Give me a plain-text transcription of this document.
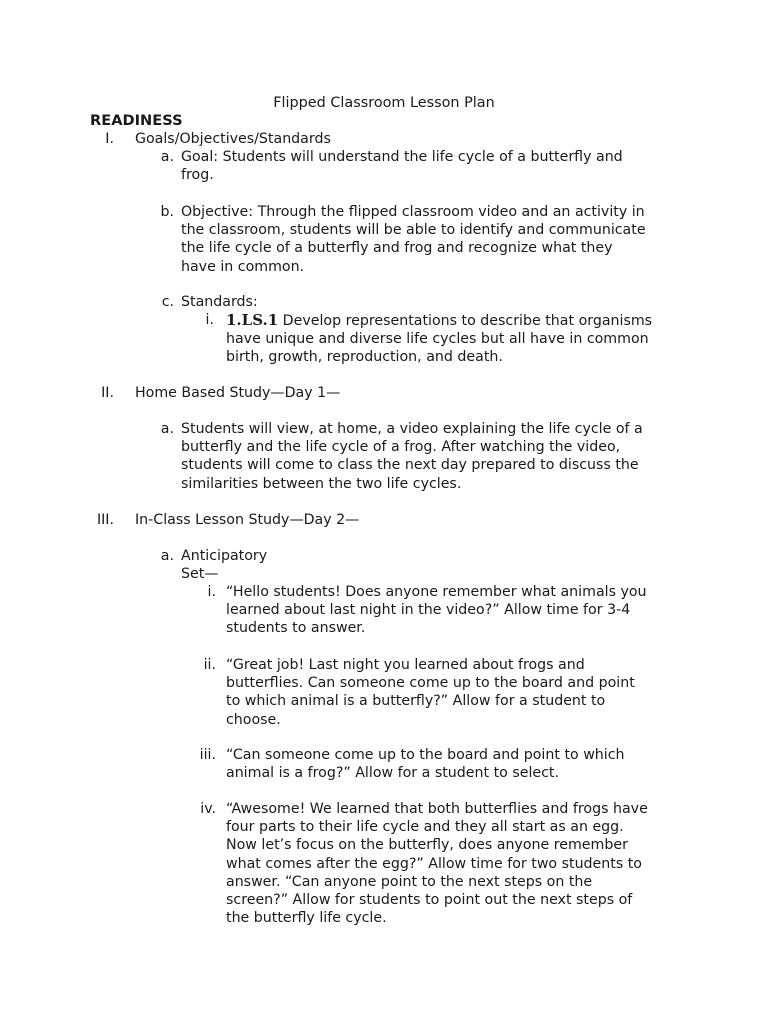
Flipped Classroom Lesson Plan
READINESS
I. Goals/Objectives/Standards
a. Goal: Students will understand the life cycle of a butterfly and
frog.
b. Objective: Through the flipped classroom video and an activity in
the classroom, students will be able to identify and communicate
the life cycle of a butterfly and frog and recognize what they
have in common.
c. Standards:
i. 1.LS.1 Develop representations to describe that organisms
have unique and diverse life cycles but all have in common
birth, growth, reproduction, and death.
II. Home Based Study—Day 1—
a. Students will view, at home, a video explaining the life cycle of a
butterfly and the life cycle of a frog. After watching the video,
students will come to class the next day prepared to discuss the
similarities between the two life cycles.
III. In-Class Lesson Study—Day 2—
a. Anticipatory Set—
i. “Hello students! Does anyone remember what animals you
learned about last night in the video?” Allow time for 3-4
students to answer.
ii. “Great job! Last night you learned about frogs and
butterflies. Can someone come up to the board and point
to which animal is a butterfly?” Allow for a student to
choose.
iii. “Can someone come up to the board and point to which
animal is a frog?” Allow for a student to select.
iv. “Awesome! We learned that both butterflies and frogs have
four parts to their life cycle and they all start as an egg.
Now let’s focus on the butterfly, does anyone remember
what comes after the egg?” Allow time for two students to
answer. “Can anyone point to the next steps on the
screen?” Allow for students to point out the next steps of
the butterfly life cycle.
